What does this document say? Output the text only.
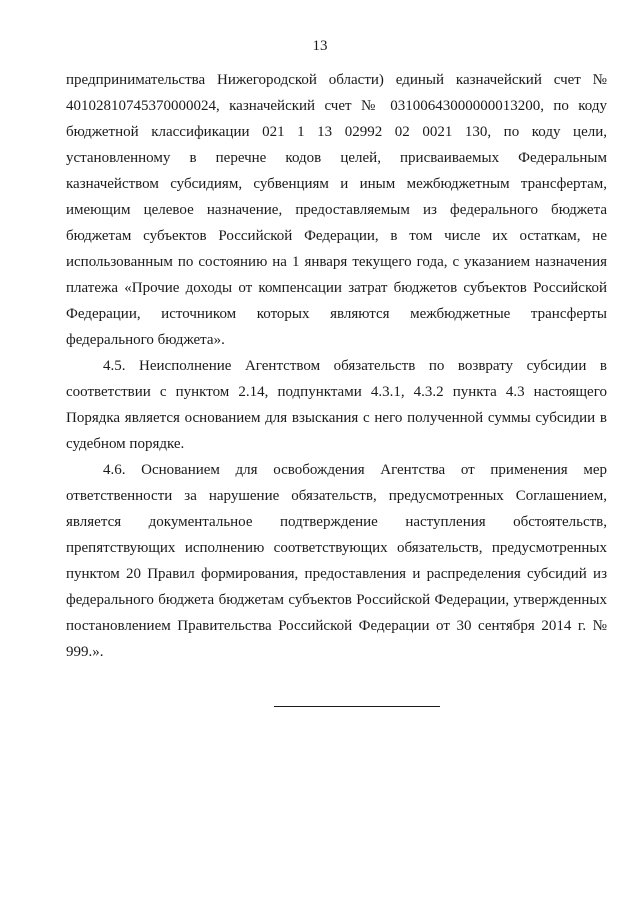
13

предпринимательства Нижегородской области) единый казначейский счет № 40102810745370000024, казначейский счет № 03100643000000013200, по коду бюджетной классификации 021 1 13 02992 02 0021 130, по коду цели, установленному в перечне кодов целей, присваиваемых Федеральным казначейством субсидиям, субвенциям и иным межбюджетным трансфертам, имеющим целевое назначение, предоставляемым из федерального бюджета бюджетам субъектов Российской Федерации, в том числе их остаткам, не использованным по состоянию на 1 января текущего года, с указанием назначения платежа «Прочие доходы от компенсации затрат бюджетов субъектов Российской Федерации, источником которых являются межбюджетные трансферты федерального бюджета».

4.5. Неисполнение Агентством обязательств по возврату субсидии в соответствии с пунктом 2.14, подпунктами 4.3.1, 4.3.2 пункта 4.3 настоящего Порядка является основанием для взыскания с него полученной суммы субсидии в судебном порядке.

4.6. Основанием для освобождения Агентства от применения мер ответственности за нарушение обязательств, предусмотренных Соглашением, является документальное подтверждение наступления обстоятельств, препятствующих исполнению соответствующих обязательств, предусмотренных пунктом 20 Правил формирования, предоставления и распределения субсидий из федерального бюджета бюджетам субъектов Российской Федерации, утвержденных постановлением Правительства Российской Федерации от 30 сентября 2014 г. № 999.».
